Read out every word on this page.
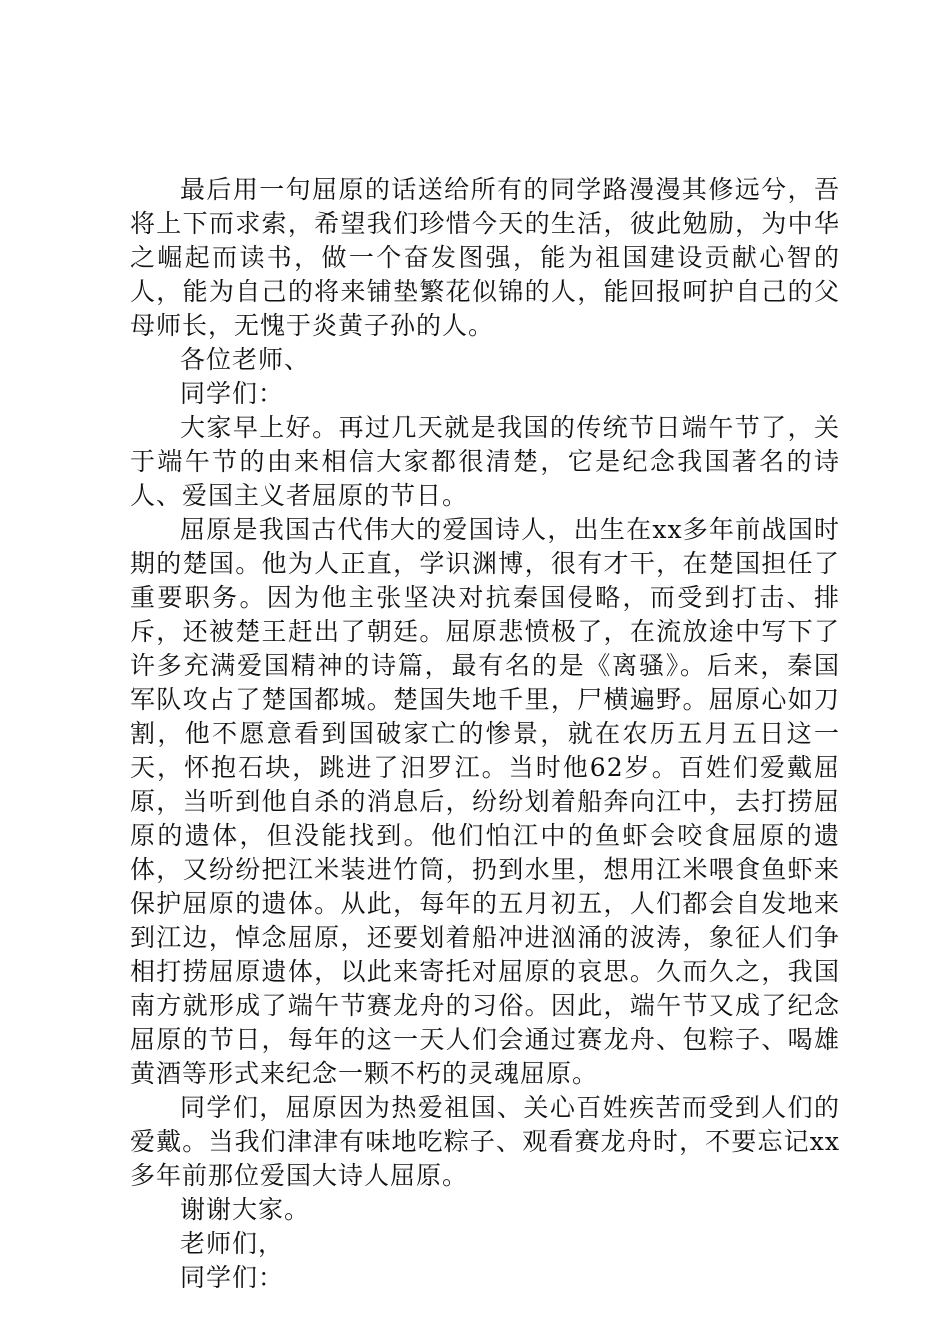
最后用一句屈原的话送给所有的同学路漫漫其修远兮，吾将上下而求索，希望我们珍惜今天的生活，彼此勉励，为中华之崛起而读书，做一个奋发图强，能为祖国建设贡献心智的人，能为自己的将来铺垫繁花似锦的人，能回报呵护自己的父母师长，无愧于炎黄子孙的人。

各位老师、

同学们：

大家早上好。再过几天就是我国的传统节日端午节了，关于端午节的由来相信大家都很清楚，它是纪念我国著名的诗人、爱国主义者屈原的节日。

屈原是我国古代伟大的爱国诗人，出生在xx多年前战国时期的楚国。他为人正直，学识渊博，很有才干，在楚国担任了重要职务。因为他主张坚决对抗秦国侵略，而受到打击、排斥，还被楚王赶出了朝廷。屈原悲愤极了，在流放途中写下了许多充满爱国精神的诗篇，最有名的是《离骚》。后来，秦国军队攻占了楚国都城。楚国失地千里，尸横遍野。屈原心如刀割，他不愿意看到国破家亡的惨景，就在农历五月五日这一天，怀抱石块，跳进了汨罗江。当时他62岁。百姓们爱戴屈原，当听到他自杀的消息后，纷纷划着船奔向江中，去打捞屈原的遗体，但没能找到。他们怕江中的鱼虾会咬食屈原的遗体，又纷纷把江米装进竹筒，扔到水里，想用江米喂食鱼虾来保护屈原的遗体。从此，每年的五月初五，人们都会自发地来到江边，悼念屈原，还要划着船冲进汹涌的波涛，象征人们争相打捞屈原遗体，以此来寄托对屈原的哀思。久而久之，我国南方就形成了端午节赛龙舟的习俗。因此，端午节又成了纪念屈原的节日，每年的这一天人们会通过赛龙舟、包粽子、喝雄黄酒等形式来纪念一颗不朽的灵魂屈原。

同学们，屈原因为热爱祖国、关心百姓疾苦而受到人们的爱戴。当我们津津有味地吃粽子、观看赛龙舟时，不要忘记xx多年前那位爱国大诗人屈原。

谢谢大家。

老师们，

同学们：
